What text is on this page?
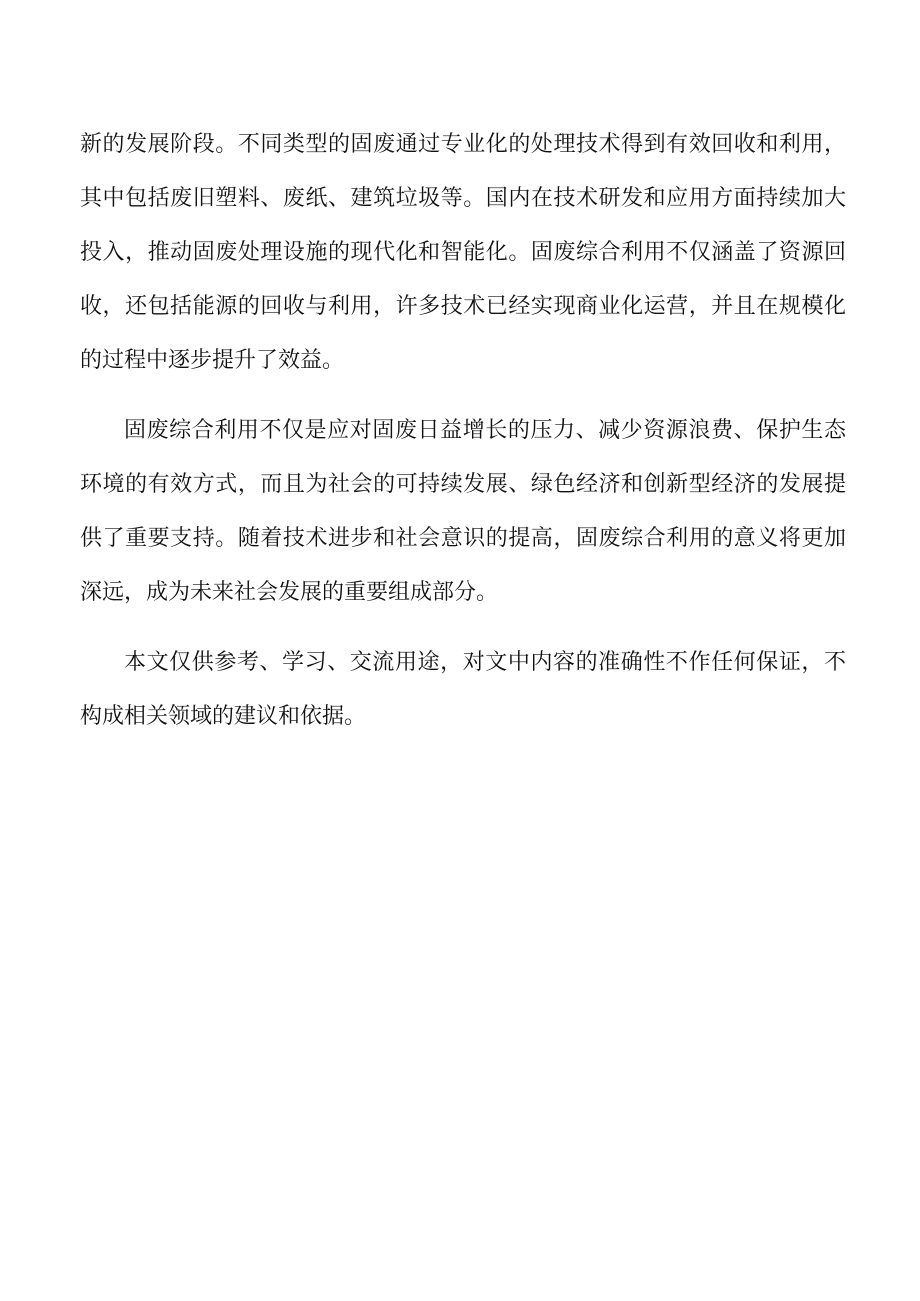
新的发展阶段。不同类型的固废通过专业化的处理技术得到有效回收和利用，其中包括废旧塑料、废纸、建筑垃圾等。国内在技术研发和应用方面持续加大投入，推动固废处理设施的现代化和智能化。固废综合利用不仅涵盖了资源回收，还包括能源的回收与利用，许多技术已经实现商业化运营，并且在规模化的过程中逐步提升了效益。

固废综合利用不仅是应对固废日益增长的压力、减少资源浪费、保护生态环境的有效方式，而且为社会的可持续发展、绿色经济和创新型经济的发展提供了重要支持。随着技术进步和社会意识的提高，固废综合利用的意义将更加深远，成为未来社会发展的重要组成部分。

本文仅供参考、学习、交流用途，对文中内容的准确性不作任何保证，不构成相关领域的建议和依据。
